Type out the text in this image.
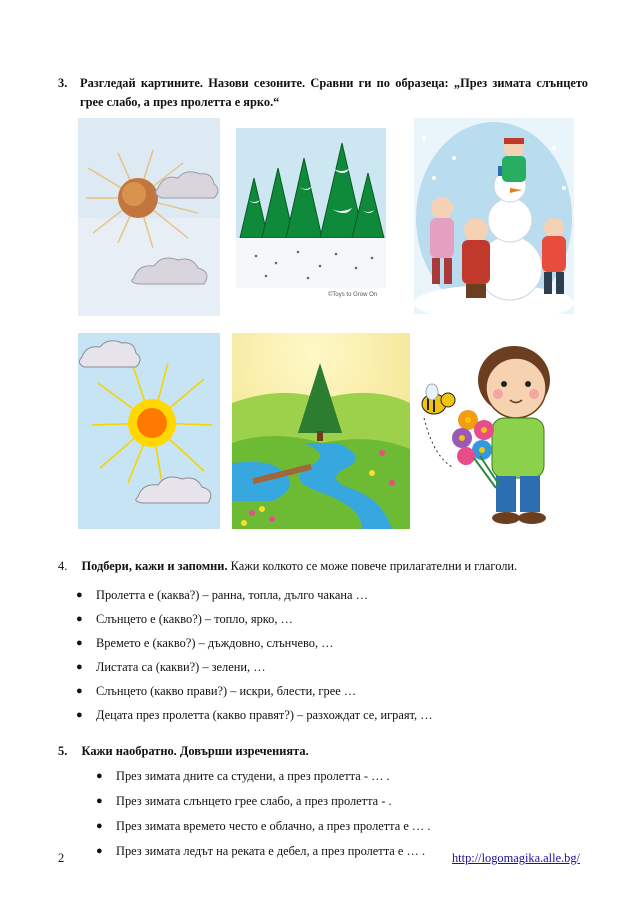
3.	Разгледай картините. Назови сезоните. Сравни ги по образеца: „През зимата слънцето грее слабо, а през пролетта е ярко.“
©Toys to Grow On
4. Подбери, кажи и запомни. Кажи колкото се може повече прилагателни и глаголи.
● Пролетта е (каква?) – ранна, топла, дълго чакана …
● Слънцето е (какво?) – топло, ярко, …
● Времето е (какво?) – дъждовно, слънчево, …
● Листата са (какви?) – зелени, …
● Слънцето (какво прави?) – искри, блести, грее …
● Децата през пролетта (какво правят?) – разхождат се, играят, …
5. Кажи наобратно. Довърши изреченията.
● През зимата дните са студени, а през пролетта - … .
● През зимата слънцето грее слабо, а през пролетта - .
● През зимата времето често е облачно, а през пролетта е … .
● През зимата ледът на реката е дебел, а през пролетта е … .
2	http://logomagika.alle.bg/
